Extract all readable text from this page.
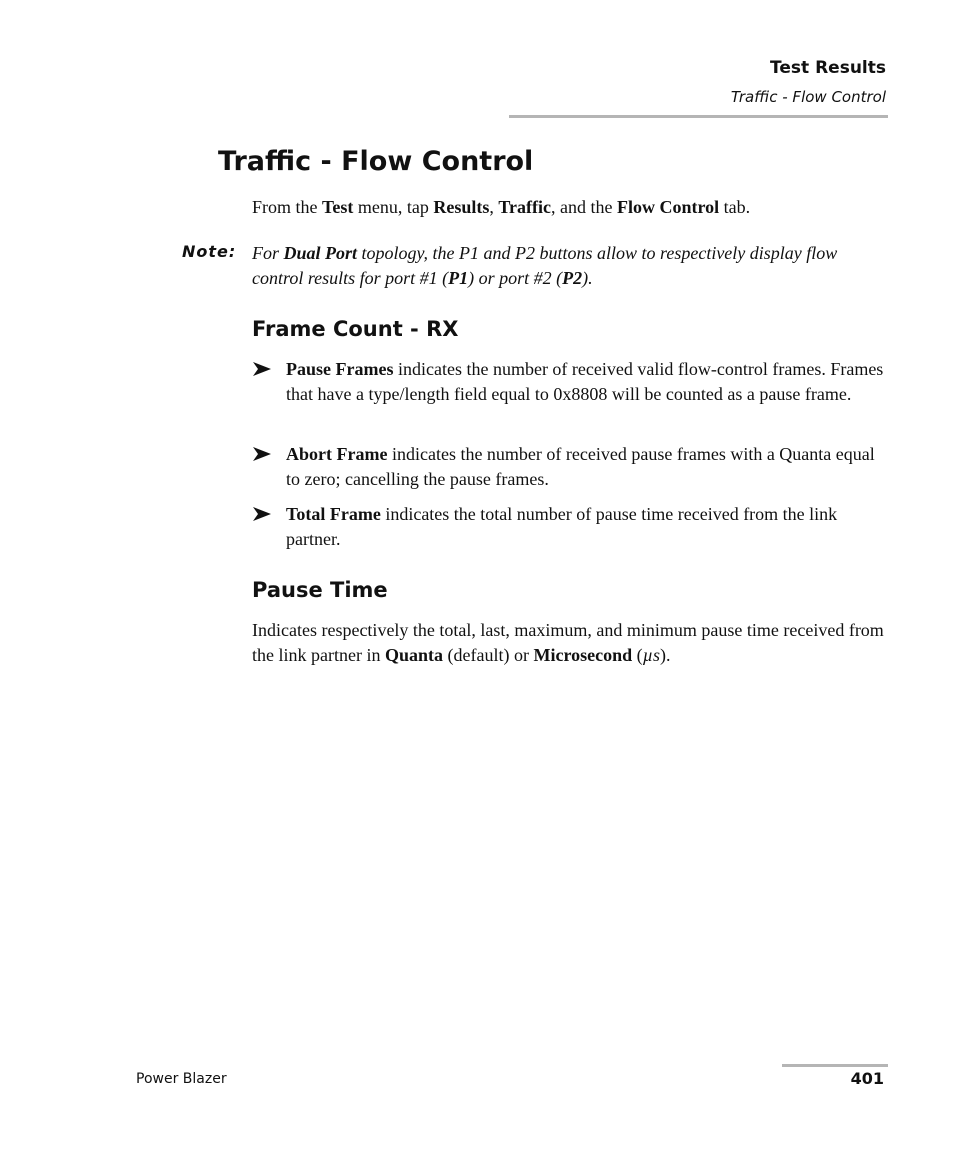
Test Results
Traffic - Flow Control
Traffic - Flow Control

From the Test menu, tap Results, Traffic, and the Flow Control tab.

Note: For Dual Port topology, the P1 and P2 buttons allow to respectively display flow control results for port #1 (P1) or port #2 (P2).

Frame Count - RX

Pause Frames indicates the number of received valid flow-control frames. Frames that have a type/length field equal to 0x8808 will be counted as a pause frame.

Abort Frame indicates the number of received pause frames with a Quanta equal to zero; cancelling the pause frames.

Total Frame indicates the total number of pause time received from the link partner.

Pause Time

Indicates respectively the total, last, maximum, and minimum pause time received from the link partner in Quanta (default) or Microsecond (µs).

Power Blazer	401
